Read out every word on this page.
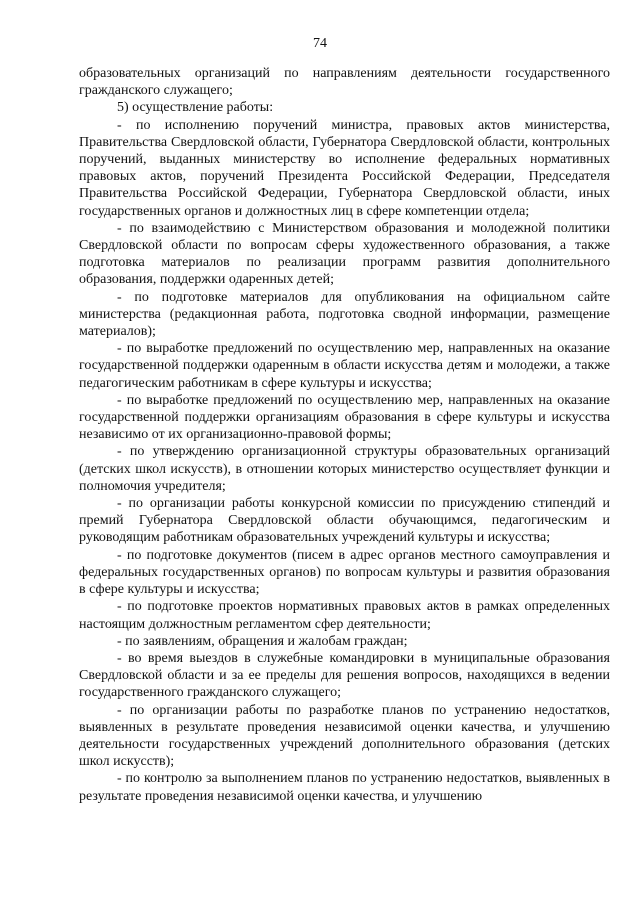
74

образовательных организаций по направлениям деятельности государственного гражданского служащего;

5) осуществление работы:

- по исполнению поручений министра, правовых актов министерства, Правительства Свердловской области, Губернатора Свердловской области, контрольных поручений, выданных министерству во исполнение федеральных нормативных правовых актов, поручений Президента Российской Федерации, Председателя Правительства Российской Федерации, Губернатора Свердловской области, иных государственных органов и должностных лиц в сфере компетенции отдела;

- по взаимодействию с Министерством образования и молодежной политики Свердловской области по вопросам сферы художественного образования, а также подготовка материалов по реализации программ развития дополнительного образования, поддержки одаренных детей;

- по подготовке материалов для опубликования на официальном сайте министерства (редакционная работа, подготовка сводной информации, размещение материалов);

- по выработке предложений по осуществлению мер, направленных на оказание государственной поддержки одаренным в области искусства детям и молодежи, а также педагогическим работникам в сфере культуры и искусства;

- по выработке предложений по осуществлению мер, направленных на оказание государственной поддержки организациям образования в сфере культуры и искусства независимо от их организационно-правовой формы;

- по утверждению организационной структуры образовательных организаций (детских школ искусств), в отношении которых министерство осуществляет функции и полномочия учредителя;

- по организации работы конкурсной комиссии по присуждению стипендий и премий Губернатора Свердловской области обучающимся, педагогическим и руководящим работникам образовательных учреждений культуры и искусства;

- по подготовке документов (писем в адрес органов местного самоуправления и федеральных государственных органов) по вопросам культуры и развития образования в сфере культуры и искусства;

- по подготовке проектов нормативных правовых актов в рамках определенных настоящим должностным регламентом сфер деятельности;

- по заявлениям, обращения и жалобам граждан;

- во время выездов в служебные командировки в муниципальные образования Свердловской области и за ее пределы для решения вопросов, находящихся в ведении государственного гражданского служащего;

- по организации работы по разработке планов по устранению недостатков, выявленных в результате проведения независимой оценки качества, и улучшению деятельности государственных учреждений дополнительного образования (детских школ искусств);

- по контролю за выполнением планов по устранению недостатков, выявленных в результате проведения независимой оценки качества, и улучшению
